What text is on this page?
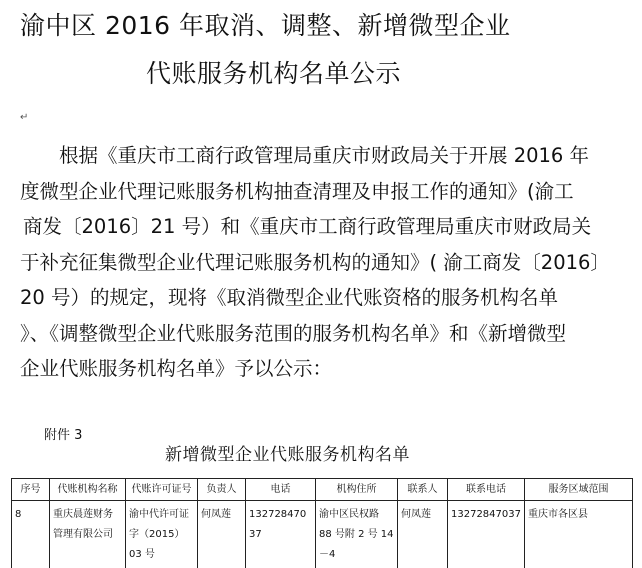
渝中区 2016 年取消、调整、新增微型企业
代账服务机构名单公示
↵
根据《重庆市工商行政管理局重庆市财政局关于开展 2016 年
度微型企业代理记账服务机构抽查清理及申报工作的通知》(渝工
商发〔2016〕21 号）和《重庆市工商行政管理局重庆市财政局关
于补充征集微型企业代理记账服务机构的通知》( 渝工商发〔2016〕
20 号）的规定，现将《取消微型企业代账资格的服务机构名单
》、《调整微型企业代账服务范围的服务机构名单》和《新增微型
企业代账服务机构名单》予以公示：
附件 3
新增微型企业代账服务机构名单
序号	代账机构名称	代账许可证号	负责人	电话	机构住所	联系人	联系电话	服务区域范围
8	重庆晨莲财务管理有限公司	渝中代许可证字（2015）03 号	何凤莲	13272847037	渝中区民权路 88 号附 2 号 14－4	何凤莲	13272847037	重庆市各区县
